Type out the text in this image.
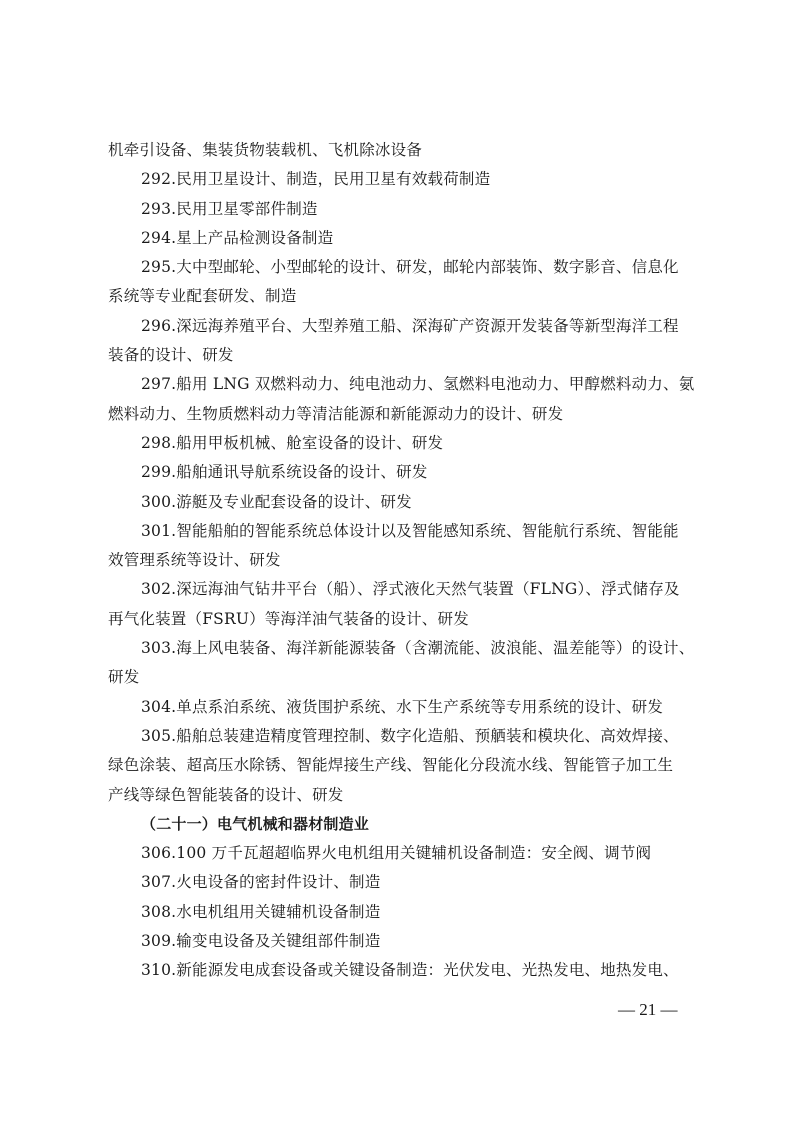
机牵引设备、集装货物装载机、飞机除冰设备
292.民用卫星设计、制造，民用卫星有效载荷制造
293.民用卫星零部件制造
294.星上产品检测设备制造
295.大中型邮轮、小型邮轮的设计、研发，邮轮内部装饰、数字影音、信息化
系统等专业配套研发、制造
296.深远海养殖平台、大型养殖工船、深海矿产资源开发装备等新型海洋工程
装备的设计、研发
297.船用 LNG 双燃料动力、纯电池动力、氢燃料电池动力、甲醇燃料动力、氨
燃料动力、生物质燃料动力等清洁能源和新能源动力的设计、研发
298.船用甲板机械、舱室设备的设计、研发
299.船舶通讯导航系统设备的设计、研发
300.游艇及专业配套设备的设计、研发
301.智能船舶的智能系统总体设计以及智能感知系统、智能航行系统、智能能
效管理系统等设计、研发
302.深远海油气钻井平台（船）、浮式液化天然气装置（FLNG）、浮式储存及
再气化装置（FSRU）等海洋油气装备的设计、研发
303.海上风电装备、海洋新能源装备（含潮流能、波浪能、温差能等）的设计、
研发
304.单点系泊系统、液货围护系统、水下生产系统等专用系统的设计、研发
305.船舶总装建造精度管理控制、数字化造船、预舾装和模块化、高效焊接、
绿色涂装、超高压水除锈、智能焊接生产线、智能化分段流水线、智能管子加工生
产线等绿色智能装备的设计、研发
（二十一）电气机械和器材制造业
306.100 万千瓦超超临界火电机组用关键辅机设备制造：安全阀、调节阀
307.火电设备的密封件设计、制造
308.水电机组用关键辅机设备制造
309.输变电设备及关键组部件制造
310.新能源发电成套设备或关键设备制造：光伏发电、光热发电、地热发电、
— 21 —
